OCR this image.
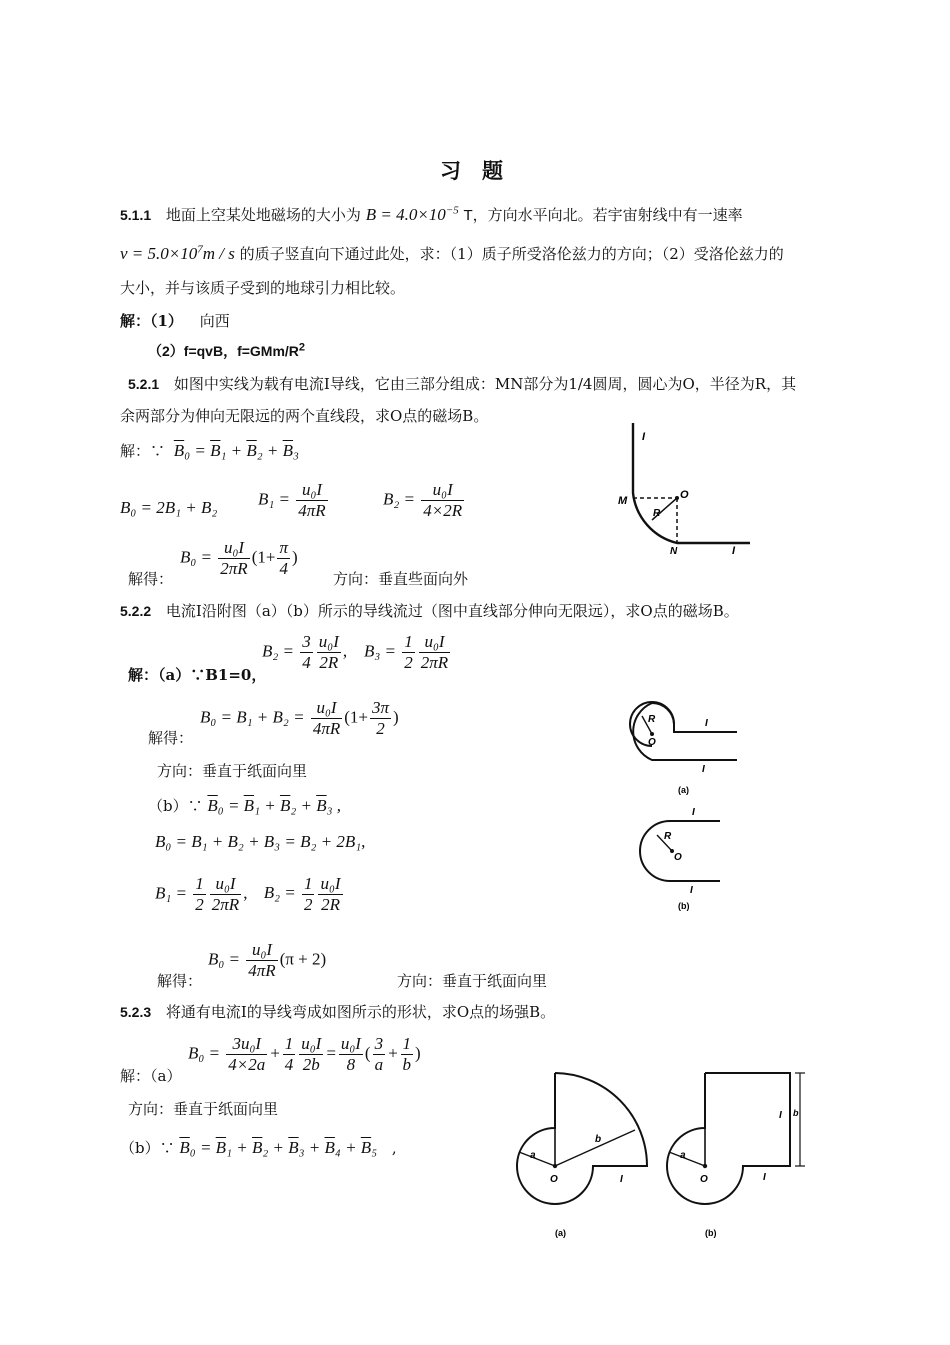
习　题
5.1.1 地面上空某处地磁场的大小为 $B = 4.0\times 10^{-5}$ T，方向水平向北。若宇宙射线中有一速率
$v = 5.0\times 10^7m / s$ 的质子竖直向下通过此处，求：（1）质子所受洛伦兹力的方向；（2）受洛伦兹力的
大小，并与该质子受到的地球引力相比较。
解：（1） 向西
（2）f=qvB，$f=GMm/R^2$
5.2.1 如图中实线为载有电流I导线，它由三部分组成：MN部分为1/4圆周，圆心为O，半径为R，其
余两部分为伸向无限远的两个直线段，求O点的磁场B。
解：∵ $\overline{B}_0 = \overline{B}_1 + \overline{B}_2 + \overline{B}_3$
B₀ = 2B₁ + B₂ $B_1 = \frac{\text{u₀I}}{4\pi R}$	$B_2 = \frac{\text{u₀I}}{4\times 2R}$
解得：
$B_0 = \frac{\text{u₀I}}{2\pi R} (1+ \frac{\pi}{4}$ )
方向：垂直些面向外
I
M	O
R
N	I
5.2.2 电流I沿附图（a）（b）所示的导线流过（图中直线部分伸向无限远），求O点的磁场B。
解：（a）∵B1=0，
$B_2 = \frac{3}{4} \frac{\text{u₀I}}{2R}$ , $B_3 = \frac{1}{2} \frac{\text{u₀I}}{2\pi R}$
解得：
$B_0 = B_1 + B_2 = \frac{\text{u₀I}}{4\pi R} (1+ \frac{3\pi}{2}$ )
方向：垂直于纸面向里
（b）∵ $\overline{B}_0 = \overline{B}_1 + \overline{B}_2 + \overline{B}_3$ ,
B₀ = B₁ + B₂ + B₃ = B₂ + 2B₁,
$B_1 = \frac{1}{2} \frac{\text{u₀I}}{2\pi R}$ , $B_2 = \frac{1}{2} \frac{\text{u₀I}}{2R}$
解得：
$B_0 = \frac{\text{u₀I}}{4\pi R} (\pi + 2)$
方向：垂直于纸面向里
R
O
I
I
(a)
I
R
O
I
(b)
5.2.3 将通有电流I的导线弯成如图所示的形状，求O点的场强B。
解：（a）
$B_0 = \frac{\text{3u₀I}}{4\times 2a} + \frac{1}{4} \frac{\text{u₀I}}{2b} = \frac{\text{u₀I}}{8}$ ( $\frac{3}{a} + \frac{1}{b}$ )
方向：垂直于纸面向里
（b）∵ $\overline{B}_0 = \overline{B}_1 + \overline{B}_2 + \overline{B}_3 + \overline{B}_4 + \overline{B}_5$ ,	a
b
O	I
(a)
a
O	I
I b
(b)
